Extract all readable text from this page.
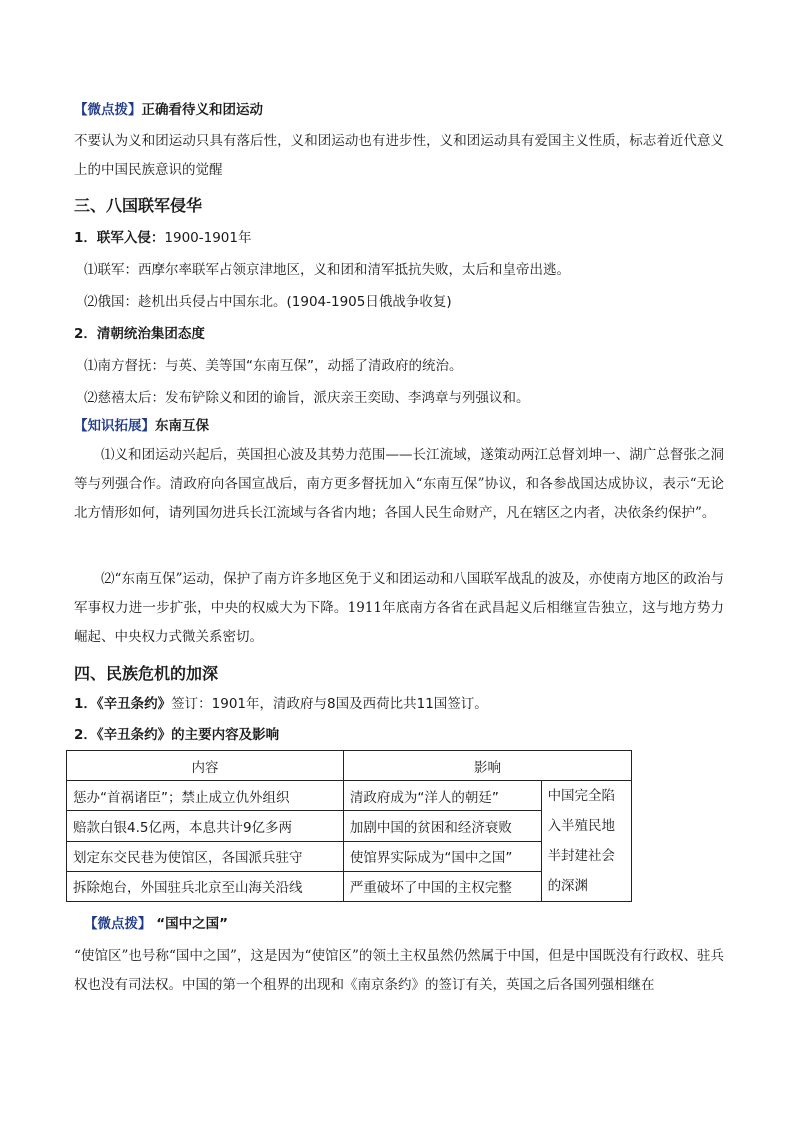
【微点拨】正确看待义和团运动
不要认为义和团运动只具有落后性，义和团运动也有进步性，义和团运动具有爱国主义性质，标志着近代意义上的中国民族意识的觉醒
三、八国联军侵华
1．联军入侵：1900-1901年
⑴联军：西摩尔率联军占领京津地区，义和团和清军抵抗失败，太后和皇帝出逃。
⑵俄国：趁机出兵侵占中国东北。(1904-1905日俄战争收复)
2．清朝统治集团态度
⑴南方督抚：与英、美等国“东南互保”，动摇了清政府的统治。
⑵慈禧太后：发布铲除义和团的谕旨，派庆亲王奕劻、李鸿章与列强议和。
【知识拓展】东南互保
⑴义和团运动兴起后，英国担心波及其势力范围——长江流域，遂策动两江总督刘坤一、湖广总督张之洞等与列强合作。清政府向各国宣战后，南方更多督抚加入“东南互保”协议，和各参战国达成协议，表示“无论北方情形如何，请列国勿进兵长江流域与各省内地；各国人民生命财产，凡在辖区之内者，决依条约保护”。
⑵“东南互保”运动，保护了南方许多地区免于义和团运动和八国联军战乱的波及，亦使南方地区的政治与军事权力进一步扩张，中央的权威大为下降。1911年底南方各省在武昌起义后相继宣告独立，这与地方势力崛起、中央权力式微关系密切。
四、民族危机的加深
1．《辛丑条约》签订：1901年，清政府与8国及西荷比共11国签订。
2．《辛丑条约》的主要内容及影响
内容	影响	
惩办“首祸诸臣”；禁止成立仇外组织	清政府成为“洋人的朝廷”	中国完全陷入半殖民地半封建社会的深渊
赔款白银4.5亿两，本息共计9亿多两	加剧中国的贫困和经济衰败	
划定东交民巷为使馆区，各国派兵驻守	使馆界实际成为“国中之国”	
拆除炮台，外国驻兵北京至山海关沿线	严重破坏了中国的主权完整	
【微点拨】 “国中之国”
“使馆区”也号称“国中之国”，这是因为“使馆区”的领土主权虽然仍然属于中国，但是中国既没有行政权、驻兵权也没有司法权。中国的第一个租界的出现和《南京条约》的签订有关，英国之后各国列强相继在
